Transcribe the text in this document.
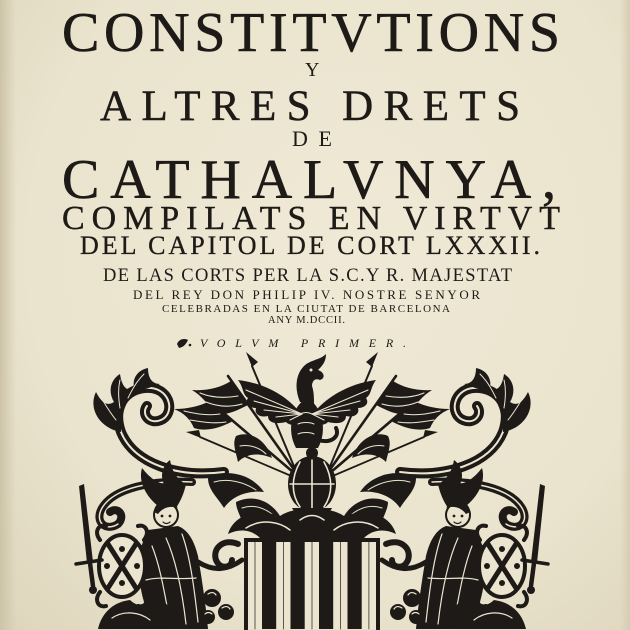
CONSTITVTIONS
Y
ALTRES DRETS
DE
CATHALVNYA,
COMPILATS EN VIRTVT
DEL CAPITOL DE CORT LXXXII.
DE LAS CORTS PER LA S.C.Y R. MAJESTAT
DEL REY DON PHILIP IV. NOSTRE SENYOR
CELEBRADAS EN LA CIUTAT DE BARCELONA
ANY M.DCCII.
VOLVM PRIMER.
